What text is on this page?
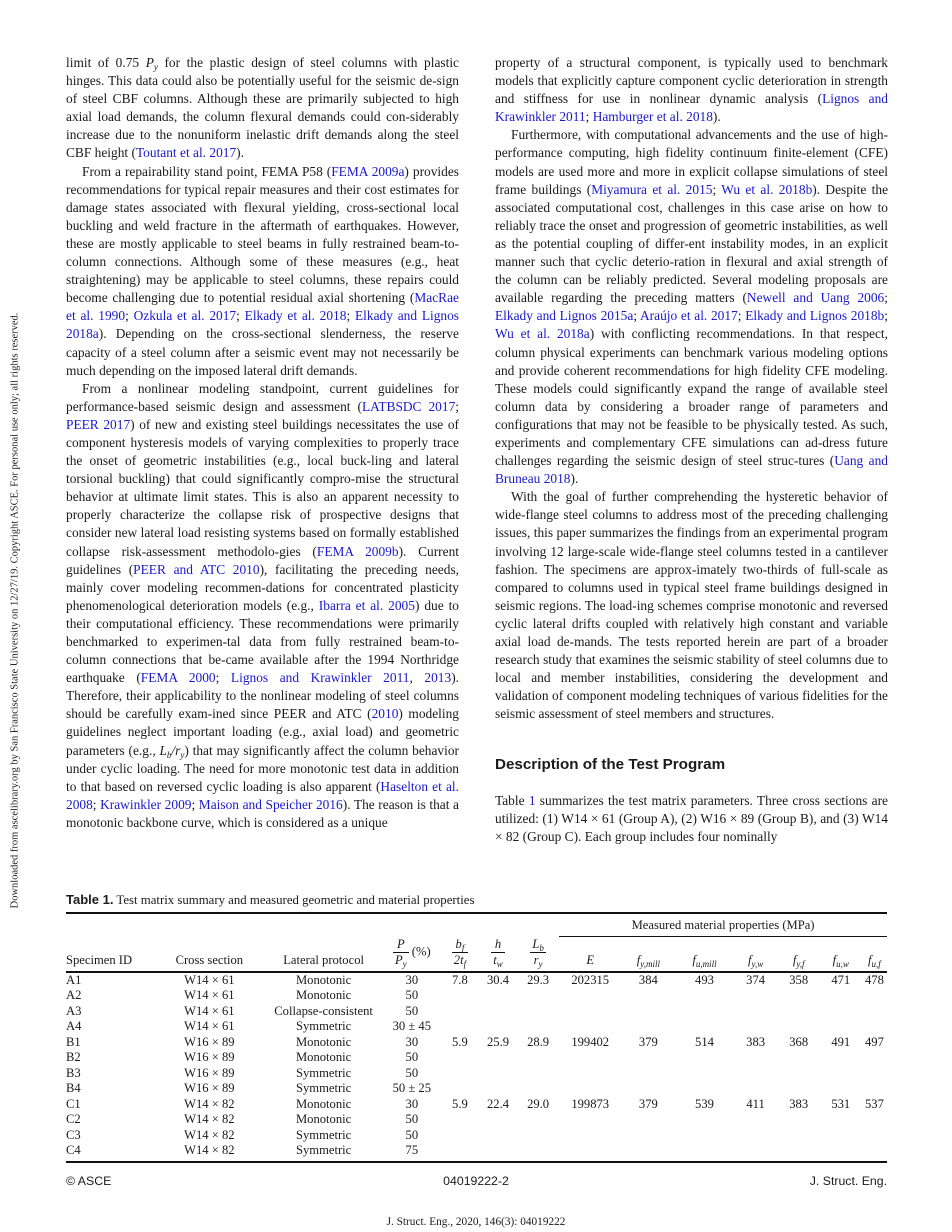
Downloaded from ascelibrary.org by San Francisco State University on 12/27/19. Copyright ASCE. For personal use only; all rights reserved.

limit of 0.75 $P_y$ for the plastic design of steel columns with plastic hinges. This data could also be potentially useful for the seismic de-sign of steel CBF columns. Although these are primarily subjected to high axial load demands, the column flexural demands could con-siderably increase due to the nonuniform inelastic drift demands along the steel CBF height (Toutant et al. 2017).

From a repairability stand point, FEMA P58 (FEMA 2009a) provides recommendations for typical repair measures and their cost estimates for damage states associated with flexural yielding, cross-sectional local buckling and weld fracture in the aftermath of earthquakes. However, these are mostly applicable to steel beams in fully restrained beam-to-column connections. Although some of these measures (e.g., heat straightening) may be applicable to steel columns, these repairs could become challenging due to potential residual axial shortening (MacRae et al. 1990; Ozkula et al. 2017; Elkady et al. 2018; Elkady and Lignos 2018a). Depending on the cross-sectional slenderness, the reserve capacity of a steel column after a seismic event may not necessarily be much depending on the imposed lateral drift demands.

From a nonlinear modeling standpoint, current guidelines for performance-based seismic design and assessment (LATBSDC 2017; PEER 2017) of new and existing steel buildings necessitates the use of component hysteresis models of varying complexities to properly trace the onset of geometric instabilities (e.g., local buck-ling and lateral torsional buckling) that could significantly compro-mise the structural behavior at ultimate limit states. This is also an apparent necessity to properly characterize the collapse risk of prospective designs that consider new lateral load resisting systems based on formally established collapse risk-assessment methodolo-gies (FEMA 2009b). Current guidelines (PEER and ATC 2010), facilitating the preceding needs, mainly cover modeling recommen-dations for concentrated plasticity phenomenological deterioration models (e.g., Ibarra et al. 2005) due to their computational efficiency. These recommendations were primarily benchmarked to experimen-tal data from fully restrained beam-to-column connections that be-came available after the 1994 Northridge earthquake (FEMA 2000; Lignos and Krawinkler 2011, 2013). Therefore, their applicability to the nonlinear modeling of steel columns should be carefully exam-ined since PEER and ATC (2010) modeling guidelines neglect important loading (e.g., axial load) and geometric parameters (e.g., $L_b/r_y$) that may significantly affect the column behavior under cyclic loading. The need for more monotonic test data in addition to that based on reversed cyclic loading is also apparent (Haselton et al. 2008; Krawinkler 2009; Maison and Speicher 2016). The reason is that a monotonic backbone curve, which is considered as a unique

property of a structural component, is typically used to benchmark models that explicitly capture component cyclic deterioration in strength and stiffness for use in nonlinear dynamic analysis (Lignos and Krawinkler 2011; Hamburger et al. 2018).

Furthermore, with computational advancements and the use of high-performance computing, high fidelity continuum finite-element (CFE) models are used more and more in explicit collapse simulations of steel frame buildings (Miyamura et al. 2015; Wu et al. 2018b). Despite the associated computational cost, challenges in this case arise on how to reliably trace the onset and progression of geometric instabilities, as well as the potential coupling of differ-ent instability modes, in an explicit manner such that cyclic deterio-ration in flexural and axial strength of the column can be reliably predicted. Several modeling proposals are available regarding the preceding matters (Newell and Uang 2006; Elkady and Lignos 2015a; Araújo et al. 2017; Elkady and Lignos 2018b; Wu et al. 2018a) with conflicting recommendations. In that respect, column physical experiments can benchmark various modeling options and provide coherent recommendations for high fidelity CFE modeling. These models could significantly expand the range of available steel column data by considering a broader range of parameters and configurations that may not be feasible to be physically tested. As such, experiments and complementary CFE simulations can ad-dress future challenges regarding the seismic design of steel struc-tures (Uang and Bruneau 2018).

With the goal of further comprehending the hysteretic behavior of wide-flange steel columns to address most of the preceding challenging issues, this paper summarizes the findings from an experimental program involving 12 large-scale wide-flange steel columns tested in a cantilever fashion. The specimens are approx-imately two-thirds of full-scale as compared to columns used in typical steel frame buildings designed in seismic regions. The load-ing schemes comprise monotonic and reversed cyclic lateral drifts coupled with relatively high constant and variable axial load de-mands. The tests reported herein are part of a broader research study that examines the seismic stability of steel columns due to local and member instabilities, considering the development and validation of component modeling techniques of various fidelities for the seismic assessment of steel members and structures.

Description of the Test Program

Table 1 summarizes the test matrix parameters. Three cross sections are utilized: (1) W14 × 61 (Group A), (2) W16 × 89 (Group B), and (3) W14 × 82 (Group C). Each group includes four nominally

Table 1. Test matrix summary and measured geometric and material properties
							Measured material properties (MPa)						
Specimen ID	Cross section	Lateral protocol	$\frac{P}{P_y}$ (%)	$\frac{b_f}{2t_f}$	$\frac{h}{t_w}$	$\frac{L_b}{r_y}$	E	$f_{y,mill}$	$f_{u,mill}$	$f_{y,w}$	$f_{y,f}$	$f_{u,w}$	$f_{u,f}$
A1	W14 × 61	Monotonic	30	7.8	30.4	29.3	202315	384	493	374	358	471	478
A2	W14 × 61	Monotonic	50										
A3	W14 × 61	Collapse-consistent	50										
A4	W14 × 61	Symmetric	30 ± 45										
B1	W16 × 89	Monotonic	30	5.9	25.9	28.9	199402	379	514	383	368	491	497
B2	W16 × 89	Monotonic	50										
B3	W16 × 89	Symmetric	50										
B4	W16 × 89	Symmetric	50 ± 25										
C1	W14 × 82	Monotonic	30	5.9	22.4	29.0	199873	379	539	411	383	531	537
C2	W14 × 82	Monotonic	50										
C3	W14 × 82	Symmetric	50										
C4	W14 × 82	Symmetric	75										
© ASCE	04019222-2	J. Struct. Eng.
J. Struct. Eng., 2020, 146(3): 04019222
